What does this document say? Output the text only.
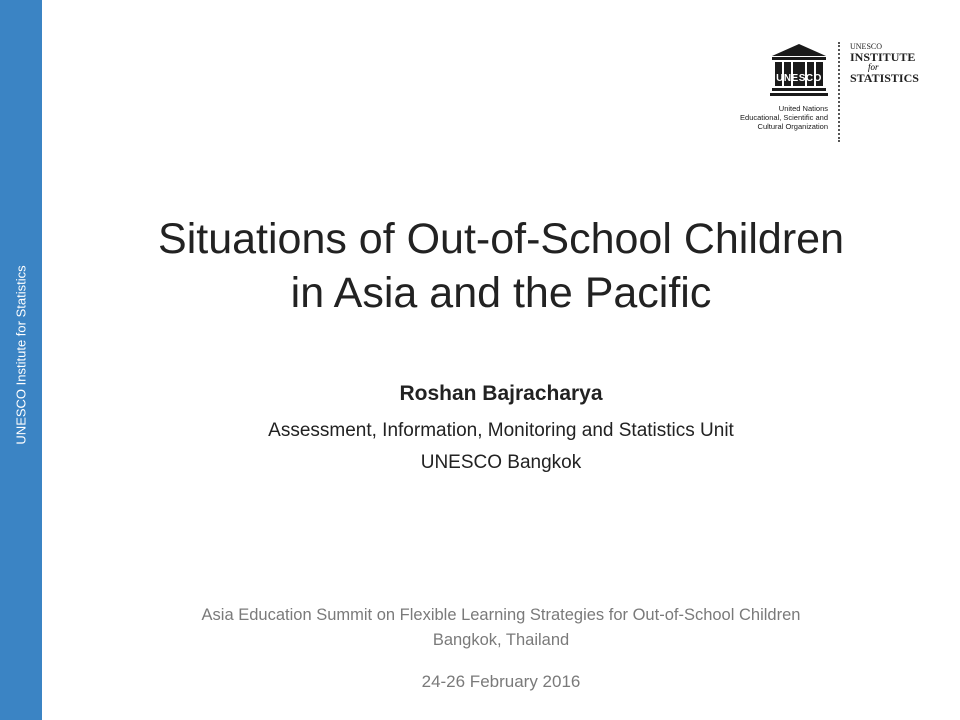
UNESCO Institute for Statistics
UNESCO
United Nations
Educational, Scientific and
Cultural Organization
UNESCO
INSTITUTE
for
STATISTICS
Situations of Out-of-School Children
in Asia and the Pacific
Roshan Bajracharya
Assessment, Information, Monitoring and Statistics Unit
UNESCO Bangkok
Asia Education Summit on Flexible Learning Strategies for Out-of-School Children
Bangkok, Thailand
24-26 February 2016
